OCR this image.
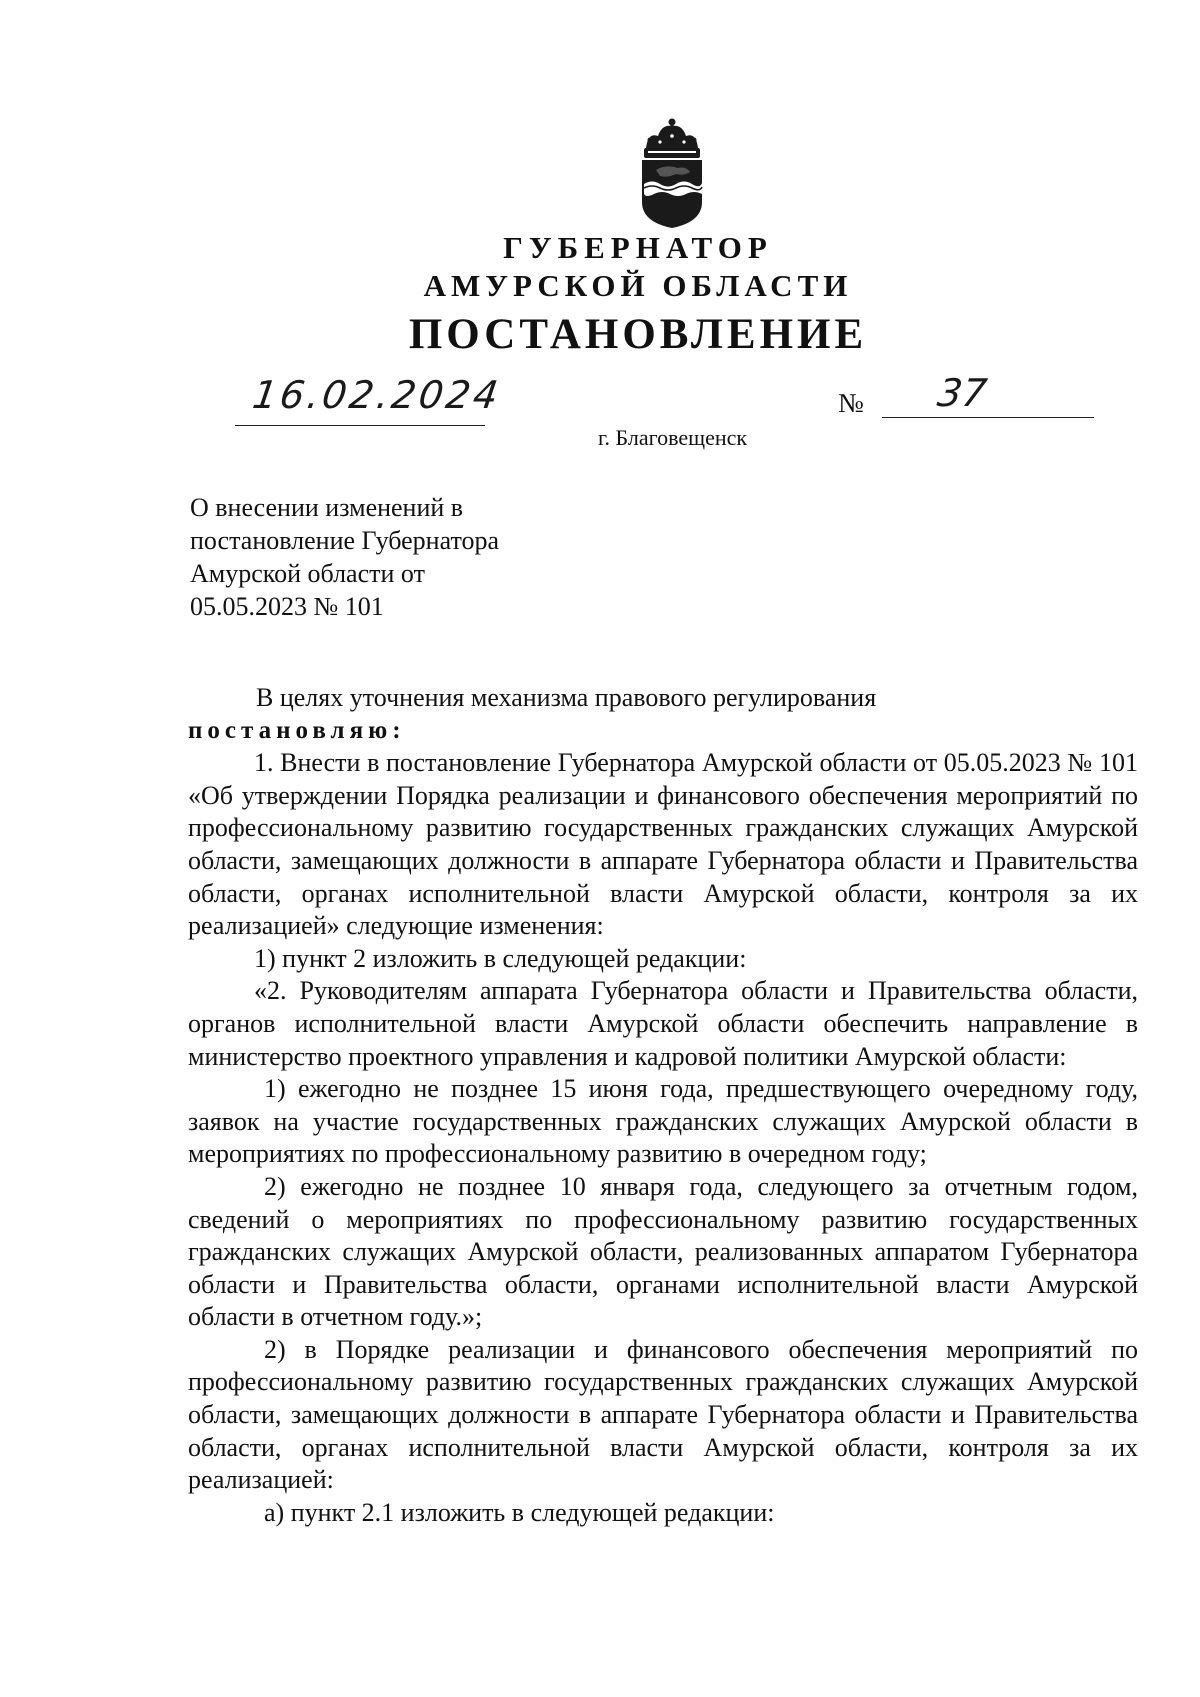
ГУБЕРНАТОР
АМУРСКОЙ ОБЛАСТИ
ПОСТАНОВЛЕНИЕ
16.02.2024	№ 37
г. Благовещенск
О внесении изменений в
постановление Губернатора
Амурской области от
05.05.2023 № 101
В целях уточнения механизма правового регулирования
постановляю:
1. Внести в постановление Губернатора Амурской области от 05.05.2023 № 101 «Об утверждении Порядка реализации и финансового обеспечения мероприятий по профессиональному развитию государственных гражданских служащих Амурской области, замещающих должности в аппарате Губернатора области и Правительства области, органах исполнительной власти Амурской области, контроля за их реализацией» следующие изменения:
1) пункт 2 изложить в следующей редакции:
«2. Руководителям аппарата Губернатора области и Правительства области, органов исполнительной власти Амурской области обеспечить направление в министерство проектного управления и кадровой политики Амурской области:
1) ежегодно не позднее 15 июня года, предшествующего очередному году, заявок на участие государственных гражданских служащих Амурской области в мероприятиях по профессиональному развитию в очередном году;
2) ежегодно не позднее 10 января года, следующего за отчетным годом, сведений о мероприятиях по профессиональному развитию государственных гражданских служащих Амурской области, реализованных аппаратом Губернатора области и Правительства области, органами исполнительной власти Амурской области в отчетном году.»;
2) в Порядке реализации и финансового обеспечения мероприятий по профессиональному развитию государственных гражданских служащих Амурской области, замещающих должности в аппарате Губернатора области и Правительства области, органах исполнительной власти Амурской области, контроля за их реализацией:
а) пункт 2.1 изложить в следующей редакции:
